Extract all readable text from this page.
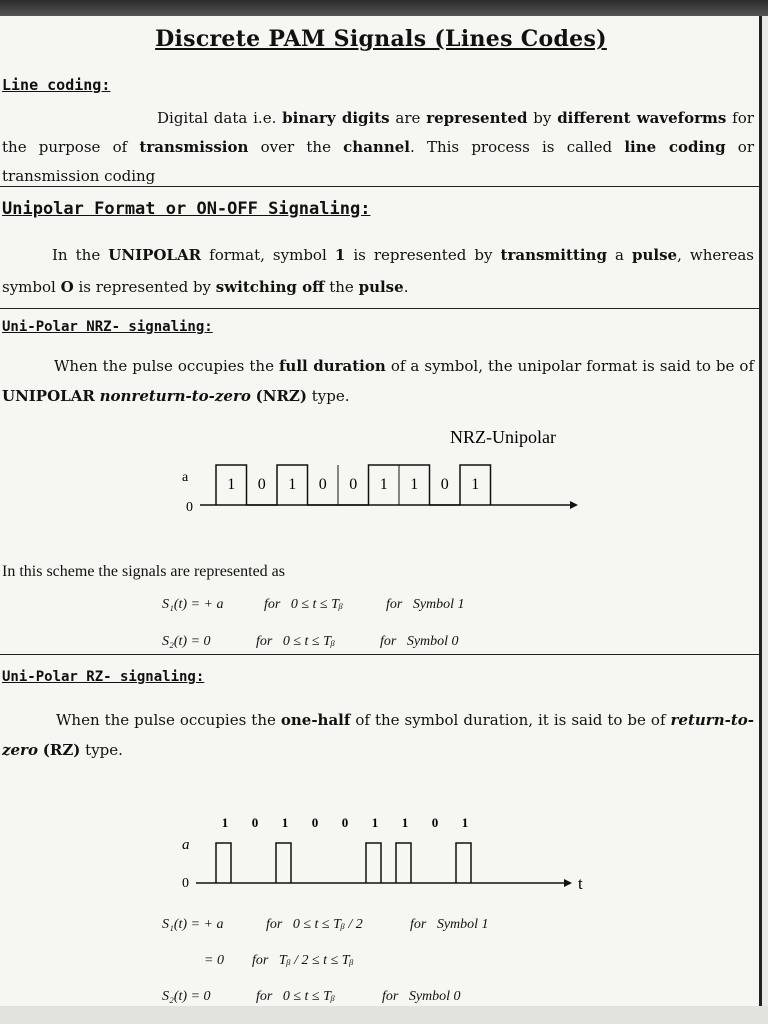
Discrete PAM Signals (Lines Codes)
Line coding:
Digital data i.e. binary digits are represented by different waveforms for the purpose of transmission over the channel. This process is called line coding or transmission coding
Unipolar Format or ON-OFF Signaling:
In the UNIPOLAR format, symbol 1 is represented by transmitting a pulse, whereas symbol O is represented by switching off the pulse.
Uni-Polar NRZ- signaling:
When the pulse occupies the full duration of a symbol, the unipolar format is said to be of UNIPOLAR nonreturn-to-zero (NRZ) type.
NRZ-Unipolar
a
0
1 0 1 0 0 1 1 0 1
In this scheme the signals are represented as
S₁(t) = + a	for   0 ≤ t ≤ Tᵦ	for   Symbol 1
S₂(t) = 0	for   0 ≤ t ≤ Tᵦ	for   Symbol 0
Uni-Polar RZ- signaling:
When the pulse occupies the one-half of the symbol duration, it is said to be of return-to-zero (RZ) type.
a
0	t
1 0 1 0 0 1 1 0 1
S₁(t) = + a	for   0 ≤ t ≤ Tᵦ / 2	for   Symbol 1
= 0 for   Tᵦ / 2 ≤ t ≤ Tᵦ
S₂(t) = 0	for   0 ≤ t ≤ Tᵦ	for   Symbol 0
